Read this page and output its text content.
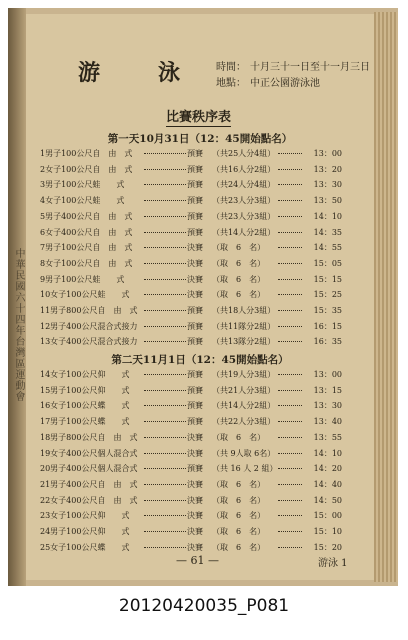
中華民國六十四年台灣區運動會
游　泳 時間： 十月三十一日至十一月三日
地點： 中正公園游泳池
比賽秩序表
第一天10月31日（12：45開始點名）
1男子100公尺自　由　式	預賽	（共25人分4組）	13：00
2女子100公尺自　由　式	預賽	（共16人分2組）	13：20
3男子100公尺蛙　　式	預賽	（共24人分4組）	13：30
4女子100公尺蛙　　式	預賽	（共23人分3組）	13：50
5男子400公尺自　由　式	預賽	（共23人分3組）	14：10
6女子400公尺自　由　式	預賽	（共14人分2組）	14：35
7男子100公尺自　由　式	決賽	（取　6　名）	14：55
8女子100公尺自　由　式	決賽	（取　6　名）	15：05
9男子100公尺蛙　　式	決賽	（取　6　名）	15：15
10女子100公尺蛙　　式	決賽	（取　6　名）	15：25
11男子800公尺自　由　式	預賽	（共18人分3組）	15：35
12男子400公尺混合式接力	預賽	（共11隊分2組）	16：15
13女子400公尺混合式接力	預賽	（共13隊分2組）	16：35
第二天11月1日（12：45開始點名）
14女子100公尺仰　　式	預賽	（共19人分3組）	13：00
15男子100公尺仰　　式	預賽	（共21人分3組）	13：15
16女子100公尺蝶　　式	預賽	（共14人分2組）	13：30
17男子100公尺蝶　　式	預賽	（共22人分3組）	13：40
18男子800公尺自　由　式	決賽	（取　6　名）	13：55
19女子400公尺個人混合式	決賽	（共 9人取 6名）	14：10
20男子400公尺個人混合式	預賽	（共 16 人 2 組）	14：20
21男子400公尺自　由　式	決賽	（取　6　名）	14：40
22女子400公尺自　由　式	決賽	（取　6　名）	14：50
23女子100公尺仰　　式	決賽	（取　6　名）	15：00
24男子100公尺仰　　式	決賽	（取　6　名）	15：10
25女子100公尺蝶　　式	決賽	（取　6　名）	15：20
— 61 —	游泳 1
20120420035_P081
